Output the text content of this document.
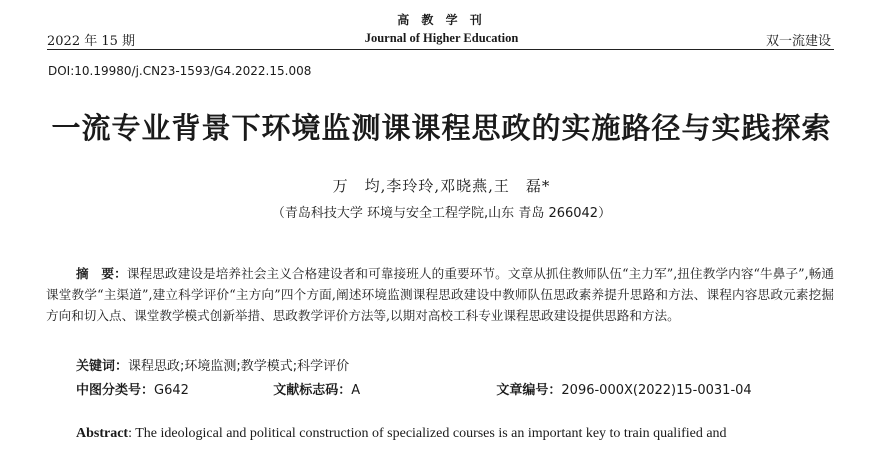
高 教 学 刊
2022 年 15 期	Journal of Higher Education	双一流建设
DOI:10.19980/j.CN23-1593/G4.2022.15.008
一流专业背景下环境监测课课程思政的实施路径与实践探索
万　均,李玲玲,邓晓燕,王　磊*
（青岛科技大学 环境与安全工程学院,山东 青岛 266042）
摘　要：课程思政建设是培养社会主义合格建设者和可靠接班人的重要环节。文章从抓住教师队伍“主力军”,扭住教学内容“牛鼻子”,畅通课堂教学“主渠道”,建立科学评价“主方向”四个方面,阐述环境监测课程思政建设中教师队伍思政素养提升思路和方法、课程内容思政元素挖掘方向和切入点、课堂教学模式创新举措、思政教学评价方法等,以期对高校工科专业课程思政建设提供思路和方法。
关键词：课程思政;环境监测;教学模式;科学评价
中图分类号：G642	文献标志码：A	文章编号：2096-000X(2022)15-0031-04
Abstract: The ideological and political construction of specialized courses is an important key to train qualified and
